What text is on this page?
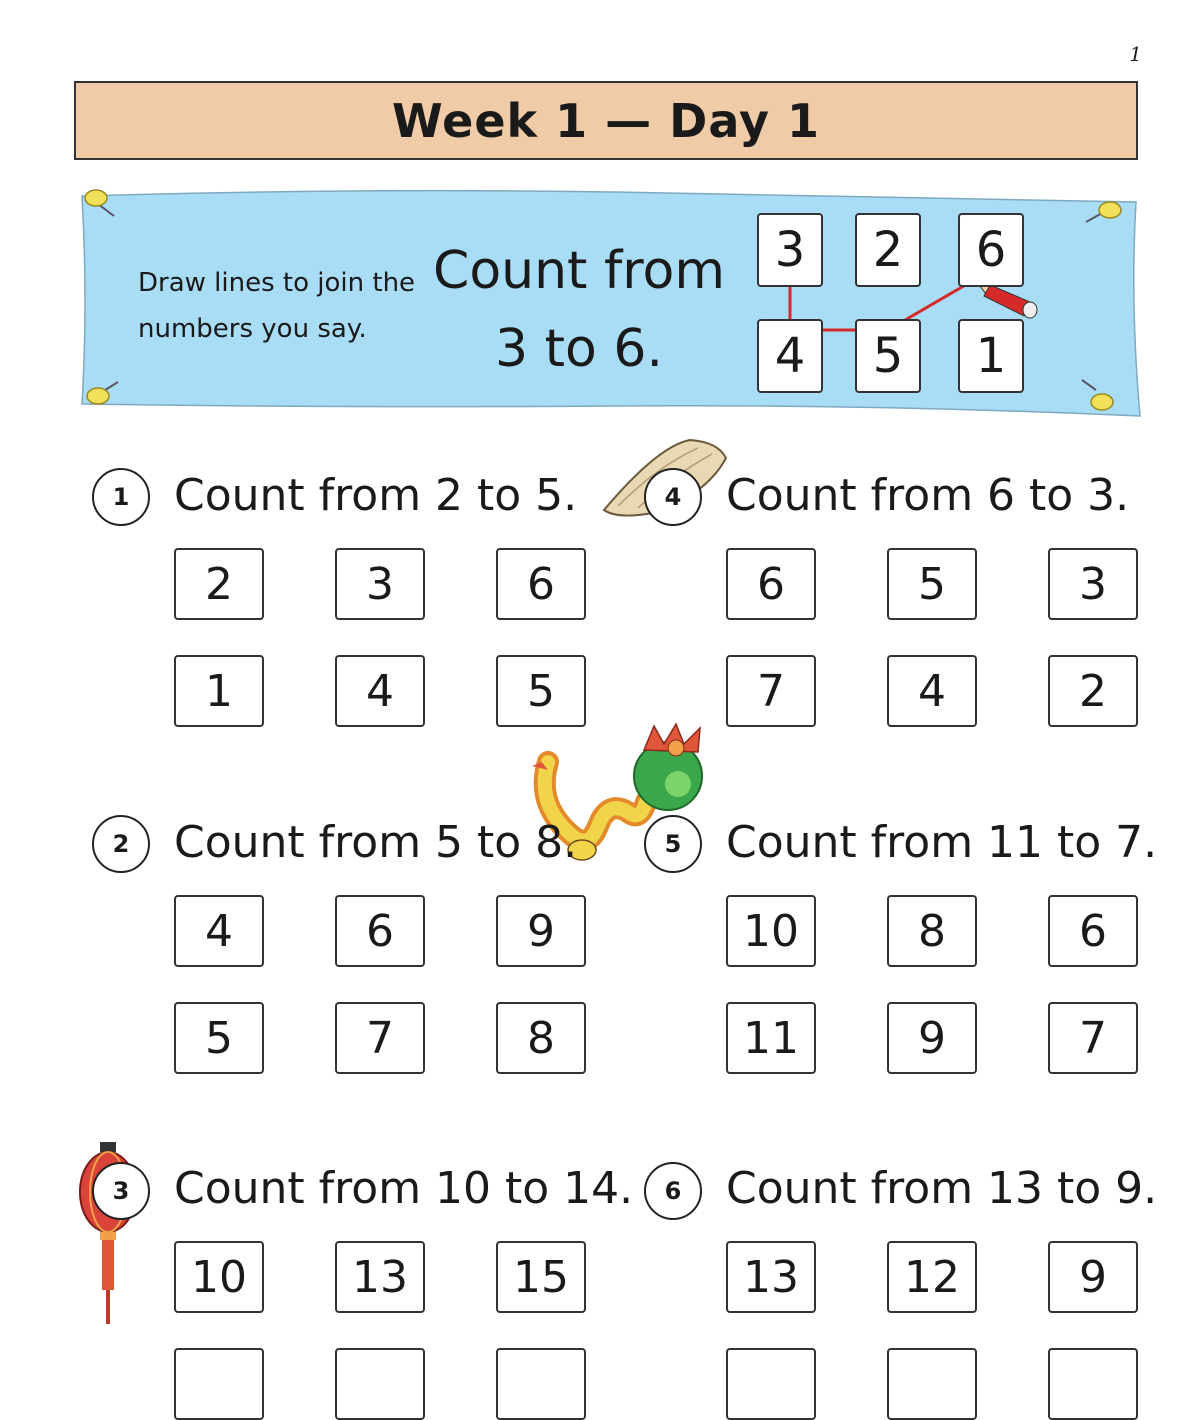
1
Week 1 — Day 1
Draw lines to join the numbers you say.
Count from 3 to 6.
3	2	6
4	5	1
1	Count from 2 to 5.
2	3	6
1	4	5
2	Count from 5 to 8.
4	6	9
5	7	8
3	Count from 10 to 14.
10	13	15
4	Count from 6 to 3.
6	5	3
7	4	2
5	Count from 11 to 7.
10	8	6
11	9	7
6	Count from 13 to 9.
13	12	9
